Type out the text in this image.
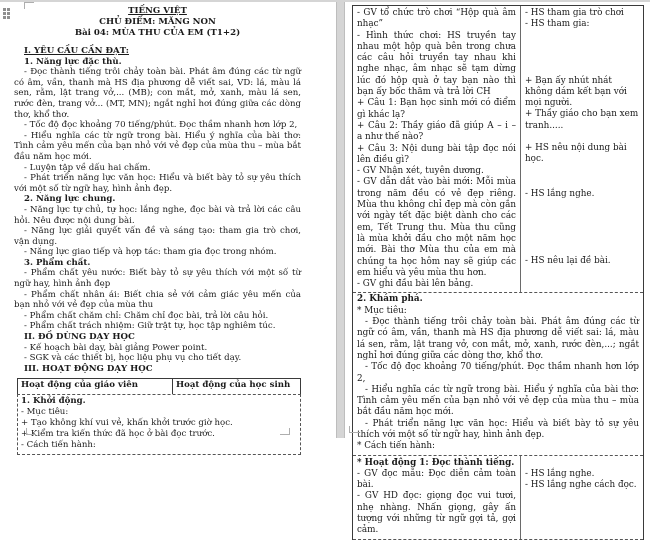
TIẾNG VIỆT
CHỦ ĐIỂM: MĂNG NON
Bài 04: MÙA THU CỦA EM (T1+2)

I. YÊU CẦU CẦN ĐẠT:

1. Năng lực đặc thù.

- Đọc thành tiếng trôi chảy toàn bài. Phát âm đúng các từ ngữ có âm, vần, thanh mà HS địa phương dễ viết sai, VD: lá, màu lá sen, rằm, lật trang vở,... (MB); con mắt, mở, xanh, màu lá sen, rước đèn, trang vở... (MT, MN); ngắt nghỉ hơi đúng giữa các dòng thơ, khổ thơ.

- Tốc độ đọc khoảng 70 tiếng/phút. Đọc thầm nhanh hơn lớp 2,

- Hiểu nghĩa các từ ngữ trong bài. Hiểu ý nghĩa của bài thơ: Tình cảm yêu mến của bạn nhỏ với vẻ đẹp của mùa thu – mùa bắt đầu năm học mới.

- Luyện tập về dấu hai chấm.

- Phát triển năng lực văn học: Hiểu và biết bày tỏ sự yêu thích với một số từ ngữ hay, hình ảnh đẹp.

2. Năng lực chung.

- Năng lực tự chủ, tự học: lắng nghe, đọc bài và trả lời các câu hỏi. Nêu được nội dung bài.

- Năng lực giải quyết vấn đề và sáng tạo: tham gia trò chơi, vận dụng.

- Năng lực giao tiếp và hợp tác: tham gia đọc trong nhóm.

3. Phẩm chất.

- Phẩm chất yêu nước: Biết bày tỏ sự yêu thích với một số từ ngữ hay, hình ảnh đẹp

- Phẩm chất nhân ái: Biết chia sẻ với cảm giác yêu mến của bạn nhỏ với vẻ đẹp của mùa thu

- Phẩm chất chăm chỉ: Chăm chỉ đọc bài, trả lời câu hỏi.

- Phẩm chất trách nhiệm: Giữ trật tự, học tập nghiêm túc.

II. ĐỒ DÙNG DẠY HỌC

- Kế hoạch bài dạy, bài giảng Power point.

- SGK và các thiết bị, học liệu phụ vụ cho tiết dạy.

III. HOẠT ĐỘNG DẠY HỌC

Hoạt động của giáo viên	Hoạt động của học sinh

1. Khởi động.

- Mục tiêu:

+ Tạo không khí vui vẻ, khấn khởi trước giờ học.

+ Kiểm tra kiến thức đã học ở bài đọc trước.

- Cách tiến hành:

- GV tổ chức trò chơi “Hộp quà âm nhạc”

- Hình thức chơi: HS truyền tay nhau một hộp quà bên trong chưa các câu hỏi truyền tay nhau khi nghe nhạc, âm nhạc sẽ tạm dừng lúc đó hộp quà ở tay bạn nào thì bạn ấy bốc thăm và trả lời CH

+ Câu 1: Bạn học sinh mới có điểm gì khác lạ?

+ Câu 2: Thầy giáo đã giúp A – i – a như thế nào?

+ Câu 3: Nội dung bài tập đọc nói lên điều gì?

- GV Nhận xét, tuyên dương.

- GV dẫn dắt vào bài mới: Mỗi mùa trong năm đều có vẻ đẹp riêng. Mùa thu không chỉ đẹp mà còn gắn với ngày tết đặc biệt dành cho các em, Tết Trung thu. Mùa thu cũng là mùa khởi đầu cho một năm học mới. Bài thơ Mùa thu của em mà chúng ta học hôm nay sẽ giúp các em hiểu và yêu mùa thu hơn.

- GV ghi đầu bài lên bảng.

- HS tham gia trò chơi

- HS tham gia:

+ Bạn ấy nhút nhát không dám kết bạn với mọi người.

+ Thầy giáo cho bạn xem tranh.....

+ HS nêu nội dung bài học.

- HS lắng nghe.

- HS nêu lại đề bài.

2. Khám phá.

* Mục tiêu:

- Đọc thành tiếng trôi chảy toàn bài. Phát âm đúng các từ ngữ có âm, vần, thanh mà HS địa phương dễ viết sai: lá, màu lá sen, rằm, lật trang vở, con mắt, mở, xanh, rước đèn,...; ngắt nghỉ hơi đúng giữa các dòng thơ, khổ thơ.

- Tốc độ đọc khoảng 70 tiếng/phút. Đọc thầm nhanh hơn lớp 2,

- Hiểu nghĩa các từ ngữ trong bài. Hiểu ý nghĩa của bài thơ: Tình cảm yêu mến của bạn nhỏ với vẻ đẹp của mùa thu – mùa bắt đầu năm học mới.

- Phát triển năng lực văn học: Hiểu và biết bày tỏ sự yêu thích với một số từ ngữ hay, hình ảnh đẹp.

* Cách tiến hành:

* Hoạt động 1: Đọc thành tiếng.

- GV đọc mẫu: Đọc diễn cảm toàn bài.

- GV HD đọc: giọng đọc vui tươi, nhẹ nhàng. Nhấn giọng, gây ấn tượng với những từ ngữ gợi tả, gợi cảm.

- HS lắng nghe.

- HS lắng nghe cách đọc.
